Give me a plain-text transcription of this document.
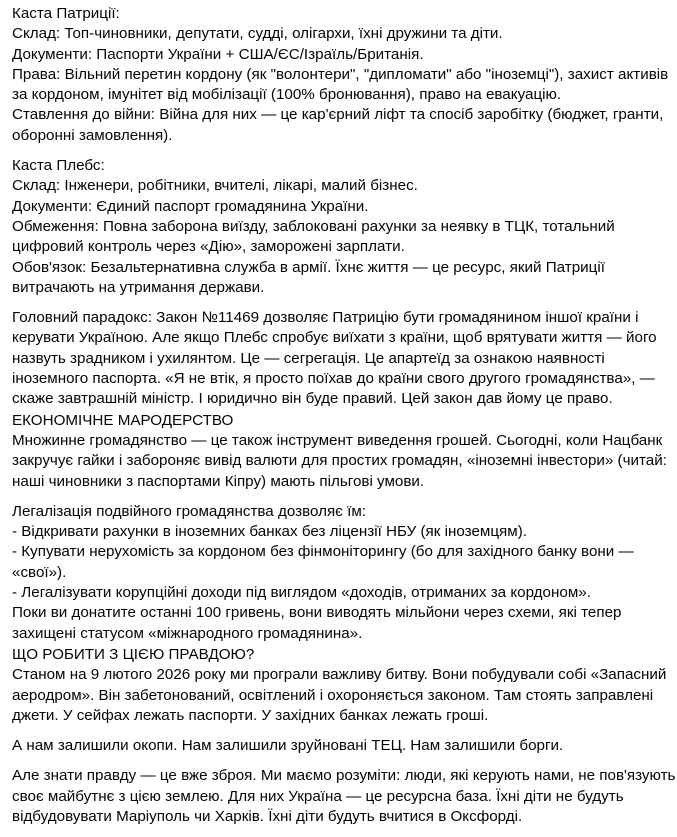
Каста Патриції:
Склад: Топ-чиновники, депутати, судді, олігархи, їхні дружини та діти.
Документи: Паспорти України + США/ЄС/Ізраїль/Британія.
Права: Вільний перетин кордону (як "волонтери", "дипломати" або "іноземці"), захист активів
за кордоном, імунітет від мобілізації (100% бронювання), право на евакуацію.
Ставлення до війни: Війна для них — це кар'єрний ліфт та спосіб заробітку (бюджет, гранти,
оборонні замовлення).
Каста Плебс:
Склад: Інженери, робітники, вчителі, лікарі, малий бізнес.
Документи: Єдиний паспорт громадянина України.
Обмеження: Повна заборона виїзду, заблоковані рахунки за неявку в ТЦК, тотальний
цифровий контроль через «Дію», заморожені зарплати.
Обов'язок: Безальтернативна служба в армії. Їхнє життя — це ресурс, який Патриції
витрачають на утримання держави.
Головний парадокс: Закон №11469 дозволяє Патрицію бути громадянином іншої країни і
керувати Україною. Але якщо Плебс спробує виїхати з країни, щоб врятувати життя — його
назвуть зрадником і ухилянтом. Це — сегрегація. Це апартеїд за ознакою наявності
іноземного паспорта. «Я не втік, я просто поїхав до країни свого другого громадянства», —
скаже завтрашній міністр. І юридично він буде правий. Цей закон дав йому це право.
ЕКОНОМІЧНЕ МАРОДЕРСТВО
Множинне громадянство — це також інструмент виведення грошей. Сьогодні, коли Нацбанк
закручує гайки і забороняє вивід валюти для простих громадян, «іноземні інвестори» (читай:
наші чиновники з паспортами Кіпру) мають пільгові умови.
Легалізація подвійного громадянства дозволяє їм:
- Відкривати рахунки в іноземних банках без ліцензії НБУ (як іноземцям).
- Купувати нерухомість за кордоном без фінмоніторингу (бо для західного банку вони —
«свої»).
- Легалізувати корупційні доходи під виглядом «доходів, отриманих за кордоном».
Поки ви донатите останні 100 гривень, вони виводять мільйони через схеми, які тепер
захищені статусом «міжнародного громадянина».
ЩО РОБИТИ З ЦІЄЮ ПРАВДОЮ?
Станом на 9 лютого 2026 року ми програли важливу битву. Вони побудували собі «Запасний
аеродром». Він забетонований, освітлений і охороняється законом. Там стоять заправлені
джети. У сейфах лежать паспорти. У західних банках лежать гроші.
А нам залишили окопи. Нам залишили зруйновані ТЕЦ. Нам залишили борги.
Але знати правду — це вже зброя. Ми маємо розуміти: люди, які керують нами, не пов'язують
своє майбутнє з цією землею. Для них Україна — це ресурсна база. Їхні діти не будуть
відбудовувати Маріуполь чи Харків. Їхні діти будуть вчитися в Оксфорді.
